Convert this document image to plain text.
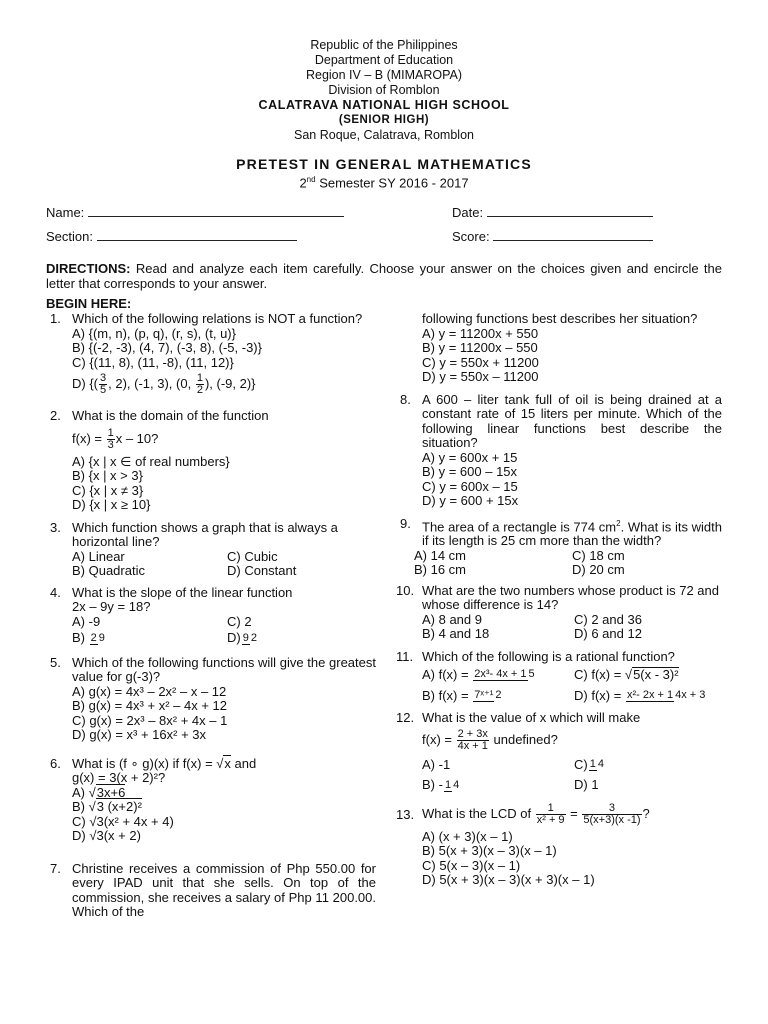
Republic of the Philippines
Department of Education
Region IV – B (MIMAROPA)
Division of Romblon
CALATRAVA NATIONAL HIGH SCHOOL
(SENIOR HIGH)
San Roque, Calatrava, Romblon
PRETEST IN GENERAL MATHEMATICS
2nd Semester SY 2016 - 2017
Name:	Date:
Section:	Score:
DIRECTIONS: Read and analyze each item carefully. Choose your answer on the choices given and encircle the letter that corresponds to your answer.
BEGIN HERE:
1. Which of the following relations is NOT a function?

A) {(m, n), (p, q), (r, s), (t, u)}

B) {(-2, -3), (4, 7), (-3, 8), (-5, -3)}

C) {(11, 8), (11, -8), (11, 12)}

D) {( $\frac{3}{5}$ , 2), (-1, 3), (0, $\frac{1}{2}$ ), (-9, 2)}

2. What is the domain of the function

$f(x) = \frac{1}{3}$ x – 10?

A) {x | x ∈ of real numbers}

B) {x | x > 3}

C) {x | x ≠ 3}

D) {x | x ≥ 10}

3. Which function shows a graph that is always a horizontal line?

A) Linear	C) Cubic
B) Quadratic	D) Constant
4. What is the slope of the linear function

2x – 9y = 18?

A) -9	C) 2
B) 2 9	D) 9 2
5. Which of the following functions will give the greatest value for g(-3)?

A) g(x) = 4x³ – 2x² – x – 12

B) g(x) = 4x³ + x² – 4x + 12

C) g(x) = 2x³ – 8x² + 4x – 1

D) g(x) = x³ + 16x² + 3x

6. What is (f ∘ g)(x) if f(x) = √x and

g(x) = 3(x + 2)²?

A) √3x+6

B) √3 (x+2)²

C) √3(x² + 4x + 4)

D) √3(x + 2)

7. Christine receives a commission of Php 550.00 for every IPAD unit that she sells. On top of the commission, she receives a salary of Php 11 200.00. Which of the

following functions best describes her situation?

A) y = 11200x + 550

B) y = 11200x – 550

C) y = 550x + 11200

D) y = 550x – 11200

8. A 600 – liter tank full of oil is being drained at a constant rate of 15 liters per minute. Which of the following linear functions best describe the situation?

A) y = 600x + 15

B) y = 600 – 15x

C) y = 600x – 15

D) y = 600 + 15x

9. The area of a rectangle is 774 $cm^2$. What is its width if its length is 25 cm more than the width?

A) 14 cm	C) 18 cm
B) 16 cm	D) 20 cm
10. What are the two numbers whose product is 72 and whose difference is 14?

A) 8 and 9	C) 2 and 36
B) 4 and 18	D) 6 and 12
11. Which of the following is a rational function?

A) f(x) = 2x³- 4x + 1 5	C) f(x) = √5(x - 3)²
B) f(x) = 7ˣ⁺¹ 2	D) f(x) = x²- 2x + 1 4x + 3
12. What is the value of x which will make

$f(x) = \frac{2 + 3x}{4x + 1}$ undefined?

A) -1	C) 1 4
B) - 1 4	D) 1
13. What is the LCD of $\frac{1}{\text{x² + 9}} = \frac{3}{5(x+3)(x -1)}$ ?

A) (x + 3)(x – 1)

B) 5(x + 3)(x – 3)(x – 1)

C) 5(x – 3)(x – 1)

D) 5(x + 3)(x – 3)(x + 3)(x – 1)
